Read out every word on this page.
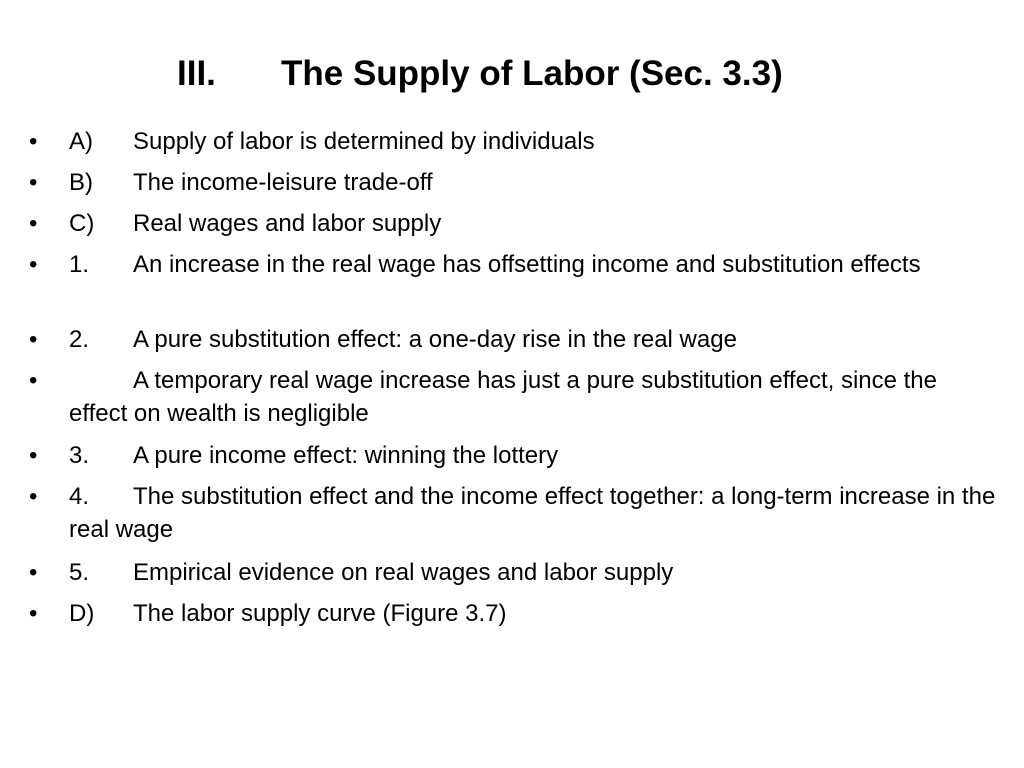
III. The Supply of Labor (Sec. 3.3)
• A) Supply of labor is determined by individuals
• B) The income-leisure trade-off
• C) Real wages and labor supply
• 1. An increase in the real wage has offsetting income and substitution effects
• 2. A pure substitution effect: a one-day rise in the real wage
•	A temporary real wage increase has just a pure substitution effect, since the effect on wealth is negligible
• 3. A pure income effect: winning the lottery
• 4. The substitution effect and the income effect together: a long-term increase in the real wage
• 5. Empirical evidence on real wages and labor supply
• D) The labor supply curve (Figure 3.7)
